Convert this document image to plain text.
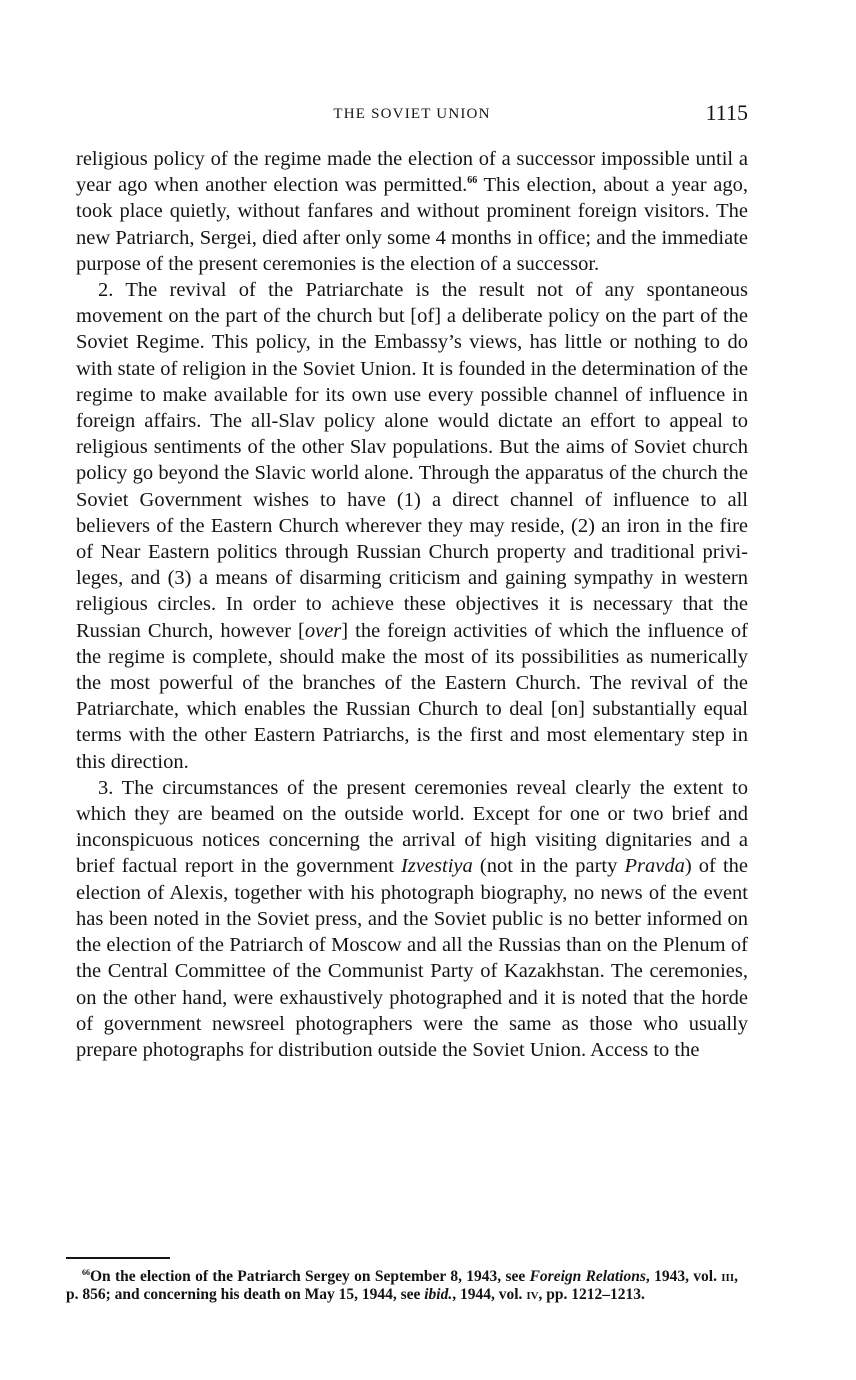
THE SOVIET UNION	1115

religious policy of the regime made the election of a successor impossible until a year ago when another election was permitted.$^{66}$ This election, about a year ago, took place quietly, without fanfares and without prominent foreign visitors. The new Patriarch, Sergei, died after only some 4 months in office; and the immediate purpose of the present ceremonies is the election of a successor.

2. The revival of the Patriarchate is the result not of any spontaneous movement on the part of the church but [of] a deliberate policy on the part of the Soviet Regime. This policy, in the Embassy’s views, has little or nothing to do with state of religion in the Soviet Union. It is founded in the determination of the regime to make available for its own use every possible channel of influence in foreign affairs. The all-Slav policy alone would dictate an effort to appeal to religious sentiments of the other Slav populations. But the aims of Soviet church policy go beyond the Slavic world alone. Through the apparatus of the church the Soviet Government wishes to have (1) a direct channel of influence to all believers of the Eastern Church wherever they may reside, (2) an iron in the fire of Near Eastern politics through Russian Church property and traditional privileges, and (3) a means of disarming criticism and gaining sympathy in western religious circles. In order to achieve these objectives it is necessary that the Russian Church, however [over] the foreign activities of which the influence of the regime is complete, should make the most of its possibilities as numerically the most powerful of the branches of the Eastern Church. The revival of the Patriarchate, which enables the Russian Church to deal [on] substantially equal terms with the other Eastern Patriarchs, is the first and most elementary step in this direction.

3. The circumstances of the present ceremonies reveal clearly the extent to which they are beamed on the outside world. Except for one or two brief and inconspicuous notices concerning the arrival of high visiting dignitaries and a brief factual report in the government Izvestiya (not in the party Pravda) of the election of Alexis, together with his photograph biography, no news of the event has been noted in the Soviet press, and the Soviet public is no better informed on the election of the Patriarch of Moscow and all the Russias than on the Plenum of the Central Committee of the Communist Party of Kazakhstan. The ceremonies, on the other hand, were exhaustively photographed and it is noted that the horde of government newsreel photographers were the same as those who usually prepare photographs for distribution outside the Soviet Union. Access to the

$^{66}$On the election of the Patriarch Sergey on September 8, 1943, see Foreign Relations, 1943, vol. iii, p. 856; and concerning his death on May 15, 1944, see ibid., 1944, vol. iv, pp. 1212–1213.
